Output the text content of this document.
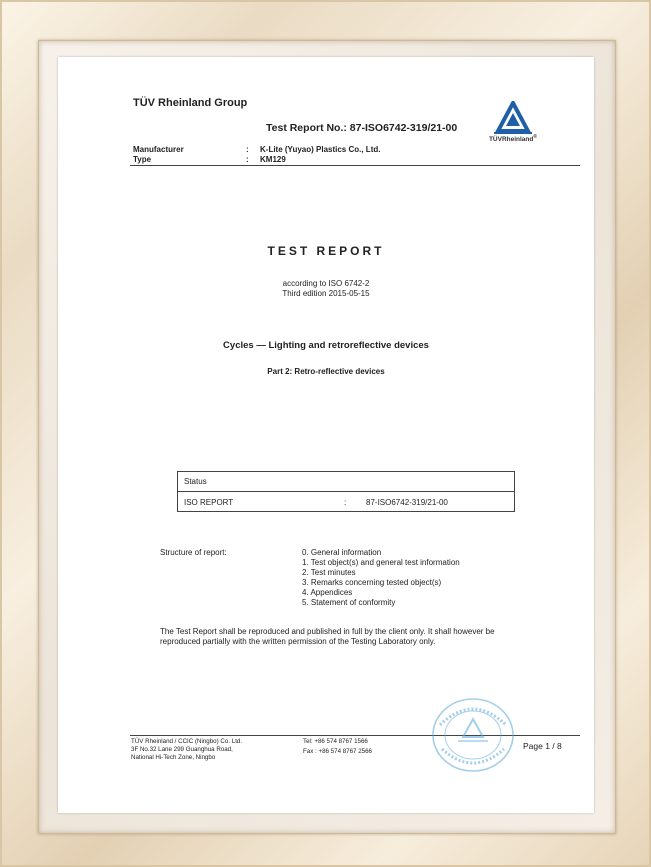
TÜV Rheinland Group
Test Report No.: 87-ISO6742-319/21-00
TÜVRheinland®
Manufacturer	: K-Lite (Yuyao) Plastics Co., Ltd.
Type	: KM129
TEST REPORT
according to ISO 6742-2
Third edition 2015-05-15
Cycles — Lighting and retroreflective devices
Part 2: Retro-reflective devices
Status
ISO REPORT	: 87-ISO6742-319/21-00
Structure of report:	0. General information
1. Test object(s) and general test information
2. Test minutes
3. Remarks concerning tested object(s)
4. Appendices
5. Statement of conformity
The Test Report shall be reproduced and published in full by the client only. It shall however be
reproduced partially with the written permission of the Testing Laboratory only.
TÜV Rheinland / CCIC (Ningbo) Co. Ltd.
3F No.32 Lane 299 Guanghua Road,
National Hi-Tech Zone, Ningbo
Tel: +86 574 8767 1566
Fax : +86 574 8767 2566
Page 1 / 8
